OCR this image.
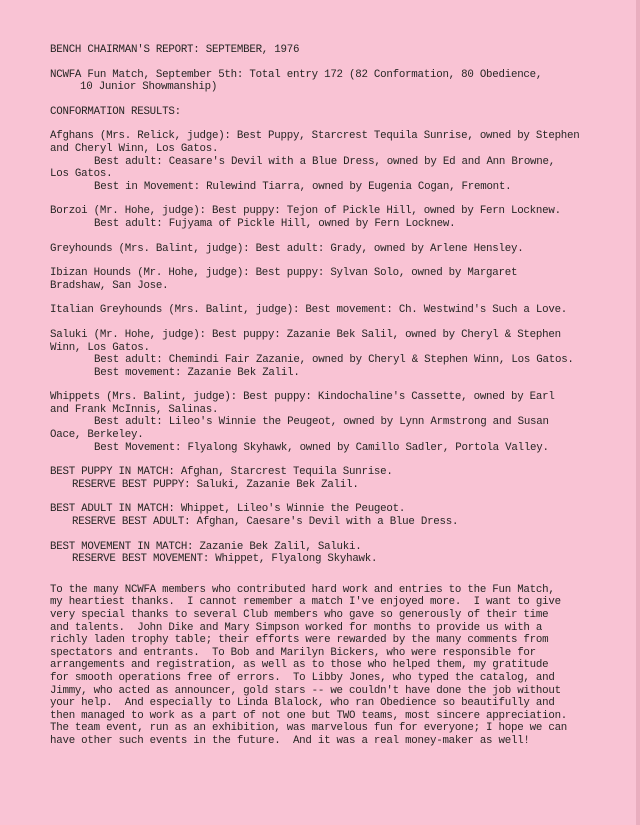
BENCH CHAIRMAN'S REPORT: SEPTEMBER, 1976

NCWFA Fun Match, September 5th: Total entry 172 (82 Conformation, 80 Obedience,

10 Junior Showmanship)

CONFORMATION RESULTS:

Afghans (Mrs. Relick, judge): Best Puppy, Starcrest Tequila Sunrise, owned by Stephen

and Cheryl Winn, Los Gatos.

Best adult: Ceasare's Devil with a Blue Dress, owned by Ed and Ann Browne,

Los Gatos.

Best in Movement: Rulewind Tiarra, owned by Eugenia Cogan, Fremont.

Borzoi (Mr. Hohe, judge): Best puppy: Tejon of Pickle Hill, owned by Fern Locknew.

Best adult: Fujyama of Pickle Hill, owned by Fern Locknew.

Greyhounds (Mrs. Balint, judge): Best adult: Grady, owned by Arlene Hensley.

Ibizan Hounds (Mr. Hohe, judge): Best puppy: Sylvan Solo, owned by Margaret

Bradshaw, San Jose.

Italian Greyhounds (Mrs. Balint, judge): Best movement: Ch. Westwind's Such a Love.

Saluki (Mr. Hohe, judge): Best puppy: Zazanie Bek Salil, owned by Cheryl & Stephen

Winn, Los Gatos.

Best adult: Chemindi Fair Zazanie, owned by Cheryl & Stephen Winn, Los Gatos.

Best movement: Zazanie Bek Zalil.

Whippets (Mrs. Balint, judge): Best puppy: Kindochaline's Cassette, owned by Earl

and Frank McInnis, Salinas.

Best adult: Lileo's Winnie the Peugeot, owned by Lynn Armstrong and Susan

Oace, Berkeley.

Best Movement: Flyalong Skyhawk, owned by Camillo Sadler, Portola Valley.

BEST PUPPY IN MATCH: Afghan, Starcrest Tequila Sunrise.

RESERVE BEST PUPPY: Saluki, Zazanie Bek Zalil.

BEST ADULT IN MATCH: Whippet, Lileo's Winnie the Peugeot.

RESERVE BEST ADULT: Afghan, Caesare's Devil with a Blue Dress.

BEST MOVEMENT IN MATCH: Zazanie Bek Zalil, Saluki.

RESERVE BEST MOVEMENT: Whippet, Flyalong Skyhawk.

To the many NCWFA members who contributed hard work and entries to the Fun Match,

my heartiest thanks.  I cannot remember a match I've enjoyed more.  I want to give

very special thanks to several Club members who gave so generously of their time

and talents.  John Dike and Mary Simpson worked for months to provide us with a

richly laden trophy table; their efforts were rewarded by the many comments from

spectators and entrants.  To Bob and Marilyn Bickers, who were responsible for

arrangements and registration, as well as to those who helped them, my gratitude

for smooth operations free of errors.  To Libby Jones, who typed the catalog, and

Jimmy, who acted as announcer, gold stars -- we couldn't have done the job without

your help.  And especially to Linda Blalock, who ran Obedience so beautifully and

then managed to work as a part of not one but TWO teams, most sincere appreciation.

The team event, run as an exhibition, was marvelous fun for everyone; I hope we can

have other such events in the future.  And it was a real money-maker as well!
